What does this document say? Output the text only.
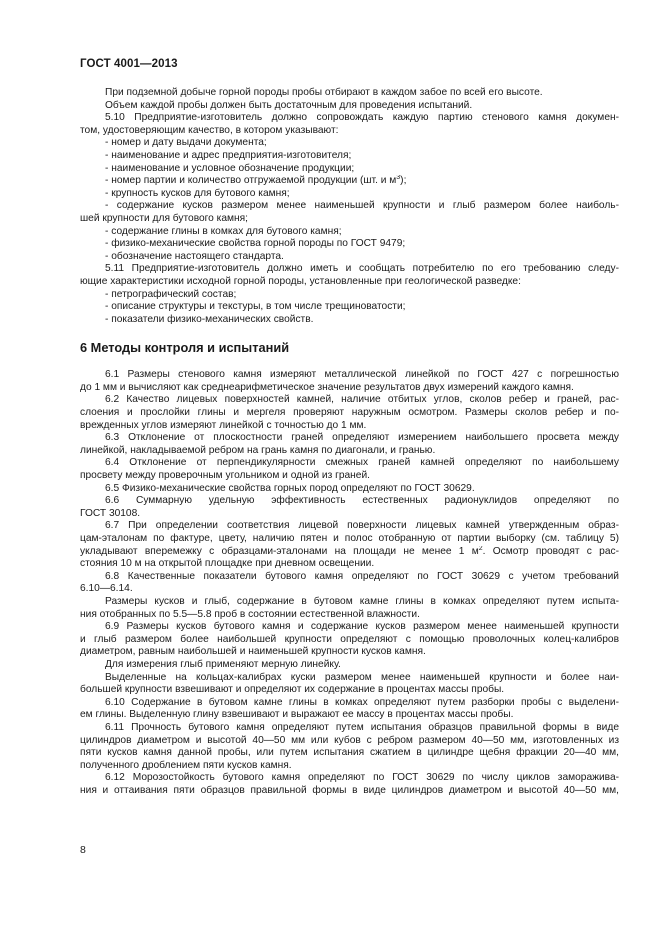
ГОСТ 4001—2013
При подземной добыче горной породы пробы отбирают в каждом забое по всей его высоте.
Объем каждой пробы должен быть достаточным для проведения испытаний.
5.10 Предприятие-изготовитель должно сопровождать каждую партию стенового камня докумен-
том, удостоверяющим качество, в котором указывают:
- номер и дату выдачи документа;
- наименование и адрес предприятия-изготовителя;
- наименование и условное обозначение продукции;
- номер партии и количество отгружаемой продукции (шт. и $м^3$);
- крупность кусков для бутового камня;
- содержание кусков размером менее наименьшей крупности и глыб размером более наиболь-
шей крупности для бутового камня;
- содержание глины в комках для бутового камня;
- физико-механические свойства горной породы по ГОСТ 9479;
- обозначение настоящего стандарта.
5.11 Предприятие-изготовитель должно иметь и сообщать потребителю по его требованию следу-
ющие характеристики исходной горной породы, установленные при геологической разведке:
- петрографический состав;
- описание структуры и текстуры, в том числе трещиноватости;
- показатели физико-механических свойств.
6 Методы контроля и испытаний
6.1 Размеры стенового камня измеряют металлической линейкой по ГОСТ 427 с погрешностью
до 1 мм и вычисляют как среднеарифметическое значение результатов двух измерений каждого камня.
6.2 Качество лицевых поверхностей камней, наличие отбитых углов, сколов ребер и граней, рас-
слоения и прослойки глины и мергеля проверяют наружным осмотром. Размеры сколов ребер и по-
врежденных углов измеряют линейкой с точностью до 1 мм.
6.3 Отклонение от плоскостности граней определяют измерением наибольшего просвета между
линейкой, накладываемой ребром на грань камня по диагонали, и гранью.
6.4 Отклонение от перпендикулярности смежных граней камней определяют по наибольшему
просвету между проверочным угольником и одной из граней.
6.5 Физико-механические свойства горных пород определяют по ГОСТ 30629.
6.6 Суммарную удельную эффективность естественных радионуклидов определяют по
ГОСТ 30108.
6.7 При определении соответствия лицевой поверхности лицевых камней утвержденным образ-
цам-эталонам по фактуре, цвету, наличию пятен и полос отобранную от партии выборку (см. таблицу 5)
укладывают вперемежку с образцами-эталонами на площади не менее 1 $м^2$. Осмотр проводят с рас-
стояния 10 м на открытой площадке при дневном освещении.
6.8 Качественные показатели бутового камня определяют по ГОСТ 30629 с учетом требований
6.10—6.14.
Размеры кусков и глыб, содержание в бутовом камне глины в комках определяют путем испыта-
ния отобранных по 5.5—5.8 проб в состоянии естественной влажности.
6.9 Размеры кусков бутового камня и содержание кусков размером менее наименьшей крупности
и глыб размером более наибольшей крупности определяют с помощью проволочных колец-калибров
диаметром, равным наибольшей и наименьшей крупности кусков камня.
Для измерения глыб применяют мерную линейку.
Выделенные на кольцах-калибрах куски размером менее наименьшей крупности и более наи-
большей крупности взвешивают и определяют их содержание в процентах массы пробы.
6.10 Содержание в бутовом камне глины в комках определяют путем разборки пробы с выделени-
ем глины. Выделенную глину взвешивают и выражают ее массу в процентах массы пробы.
6.11 Прочность бутового камня определяют путем испытания образцов правильной формы в виде
цилиндров диаметром и высотой 40—50 мм или кубов с ребром размером 40—50 мм, изготовленных из
пяти кусков камня данной пробы, или путем испытания сжатием в цилиндре щебня фракции 20—40 мм,
полученного дроблением пяти кусков камня.
6.12 Морозостойкость бутового камня определяют по ГОСТ 30629 по числу циклов заморажива-
ния и оттаивания пяти образцов правильной формы в виде цилиндров диаметром и высотой 40—50 мм,
8
